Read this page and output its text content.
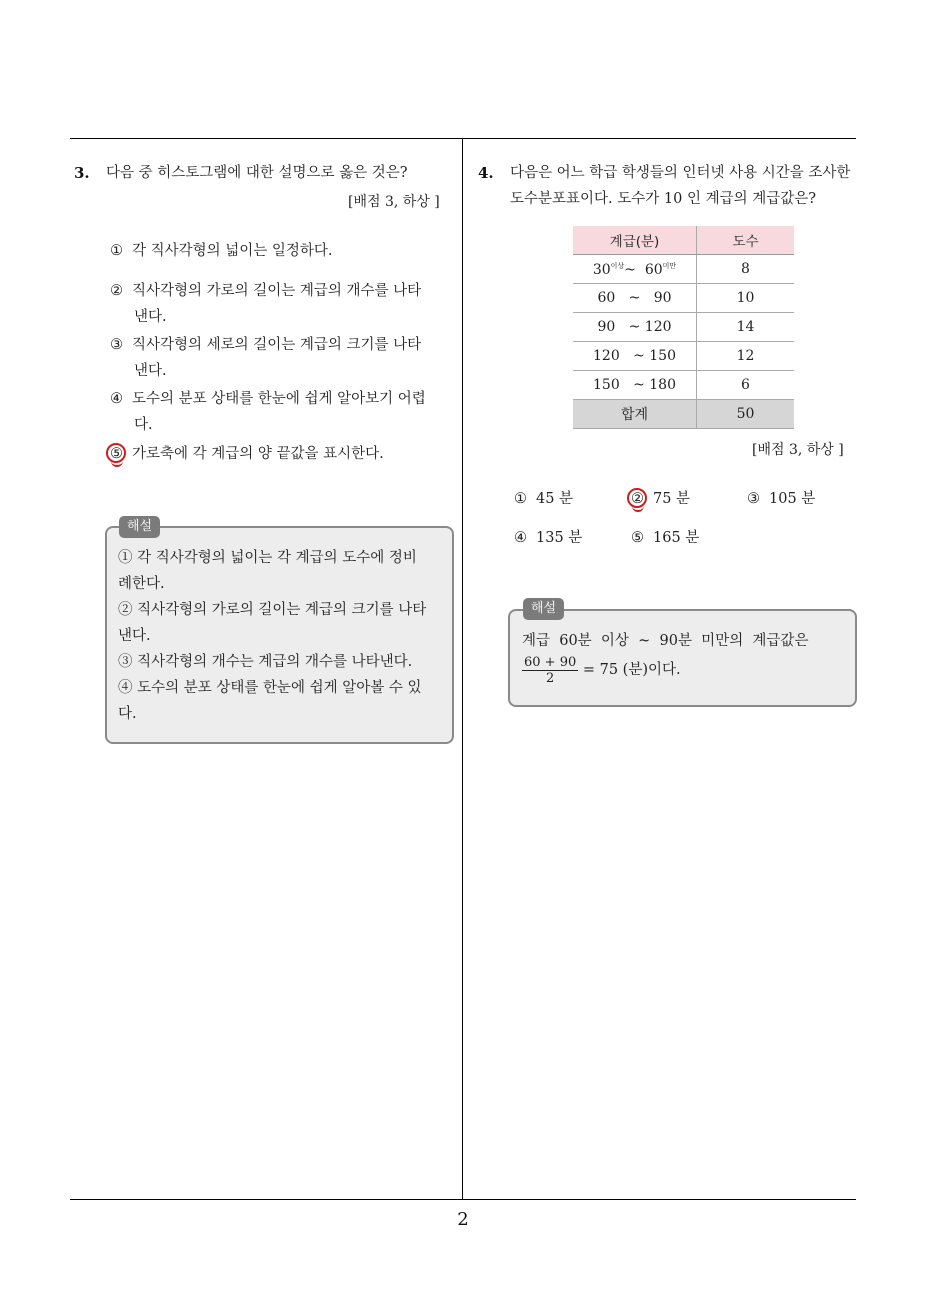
3. 다음 중 히스토그램에 대한 설명으로 옳은 것은?
[배점 3, 하상 ]
① 각 직사각형의 넓이는 일정하다.
② 직사각형의 가로의 길이는 계급의 개수를 나타
낸다.
③ 직사각형의 세로의 길이는 계급의 크기를 나타
낸다.
④ 도수의 분포 상태를 한눈에 쉽게 알아보기 어렵
다.
⑤ 가로축에 각 계급의 양 끝값을 표시한다.
해설
① 각 직사각형의 넓이는 각 계급의 도수에 정비
례한다.
② 직사각형의 가로의 길이는 계급의 크기를 나타
낸다.
③ 직사각형의 개수는 계급의 개수를 나타낸다.
④ 도수의 분포 상태를 한눈에 쉽게 알아볼 수 있
다.
4. 다음은 어느 학급 학생들의 인터넷 사용 시간을 조사한
도수분포표이다. 도수가 10 인 계급의 계급값은?
계급(분)	도수
$30^{이상}\sim$ $60^{미만}$	8
60   ~   90	10
90   ~ 120	14
120   ~ 150	12
150   ~ 180	6
합계	50
[배점 3, 하상 ]
① 45 분	② 75 분	③ 105 분
④ 135 분	⑤ 165 분
해설
계급  60분  이상  ~  90분  미만의  계급값은
$\frac{60 + 90}{2} = 75$ (분)이다.
2
